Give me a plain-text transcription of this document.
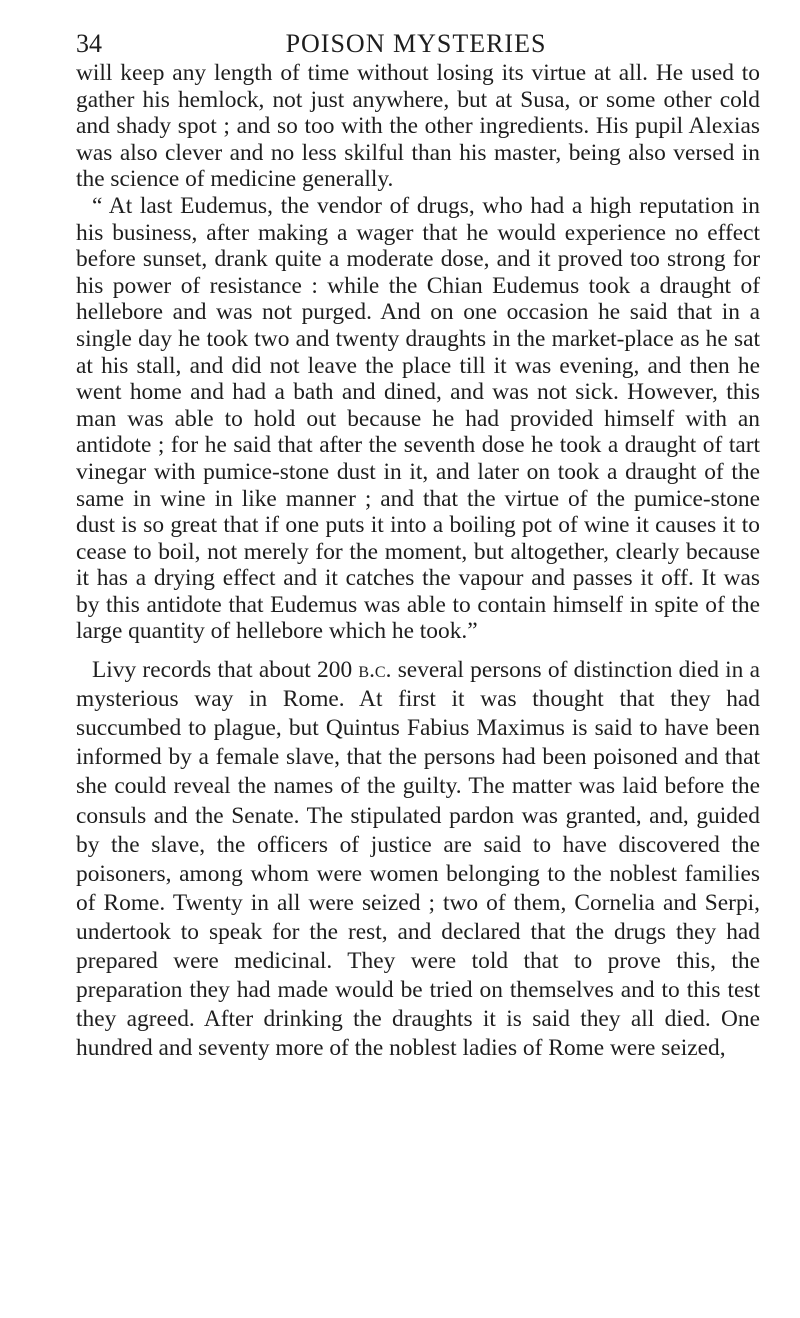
34	POISON MYSTERIES

will keep any length of time without losing its virtue at all. He used to gather his hemlock, not just anywhere, but at Susa, or some other cold and shady spot ; and so too with the other ingredients. His pupil Alexias was also clever and no less skilful than his master, being also versed in the science of medicine generally.

“ At last Eudemus, the vendor of drugs, who had a high reputation in his business, after making a wager that he would experience no effect before sunset, drank quite a moderate dose, and it proved too strong for his power of resistance : while the Chian Eudemus took a draught of hellebore and was not purged. And on one occasion he said that in a single day he took two and twenty draughts in the market-place as he sat at his stall, and did not leave the place till it was evening, and then he went home and had a bath and dined, and was not sick. However, this man was able to hold out because he had provided himself with an antidote ; for he said that after the seventh dose he took a draught of tart vinegar with pumice-stone dust in it, and later on took a draught of the same in wine in like manner ; and that the virtue of the pumice-stone dust is so great that if one puts it into a boiling pot of wine it causes it to cease to boil, not merely for the moment, but altogether, clearly because it has a drying effect and it catches the vapour and passes it off. It was by this antidote that Eudemus was able to contain himself in spite of the large quantity of hellebore which he took.”

Livy records that about 200 b.c. several persons of distinction died in a mysterious way in Rome. At first it was thought that they had succumbed to plague, but Quintus Fabius Maximus is said to have been informed by a female slave, that the persons had been poisoned and that she could reveal the names of the guilty. The matter was laid before the consuls and the Senate. The stipulated pardon was granted, and, guided by the slave, the officers of justice are said to have discovered the poisoners, among whom were women belonging to the noblest families of Rome. Twenty in all were seized ; two of them, Cornelia and Serpi, undertook to speak for the rest, and declared that the drugs they had prepared were medicinal. They were told that to prove this, the preparation they had made would be tried on themselves and to this test they agreed. After drinking the draughts it is said they all died. One hundred and seventy more of the noblest ladies of Rome were seized,
